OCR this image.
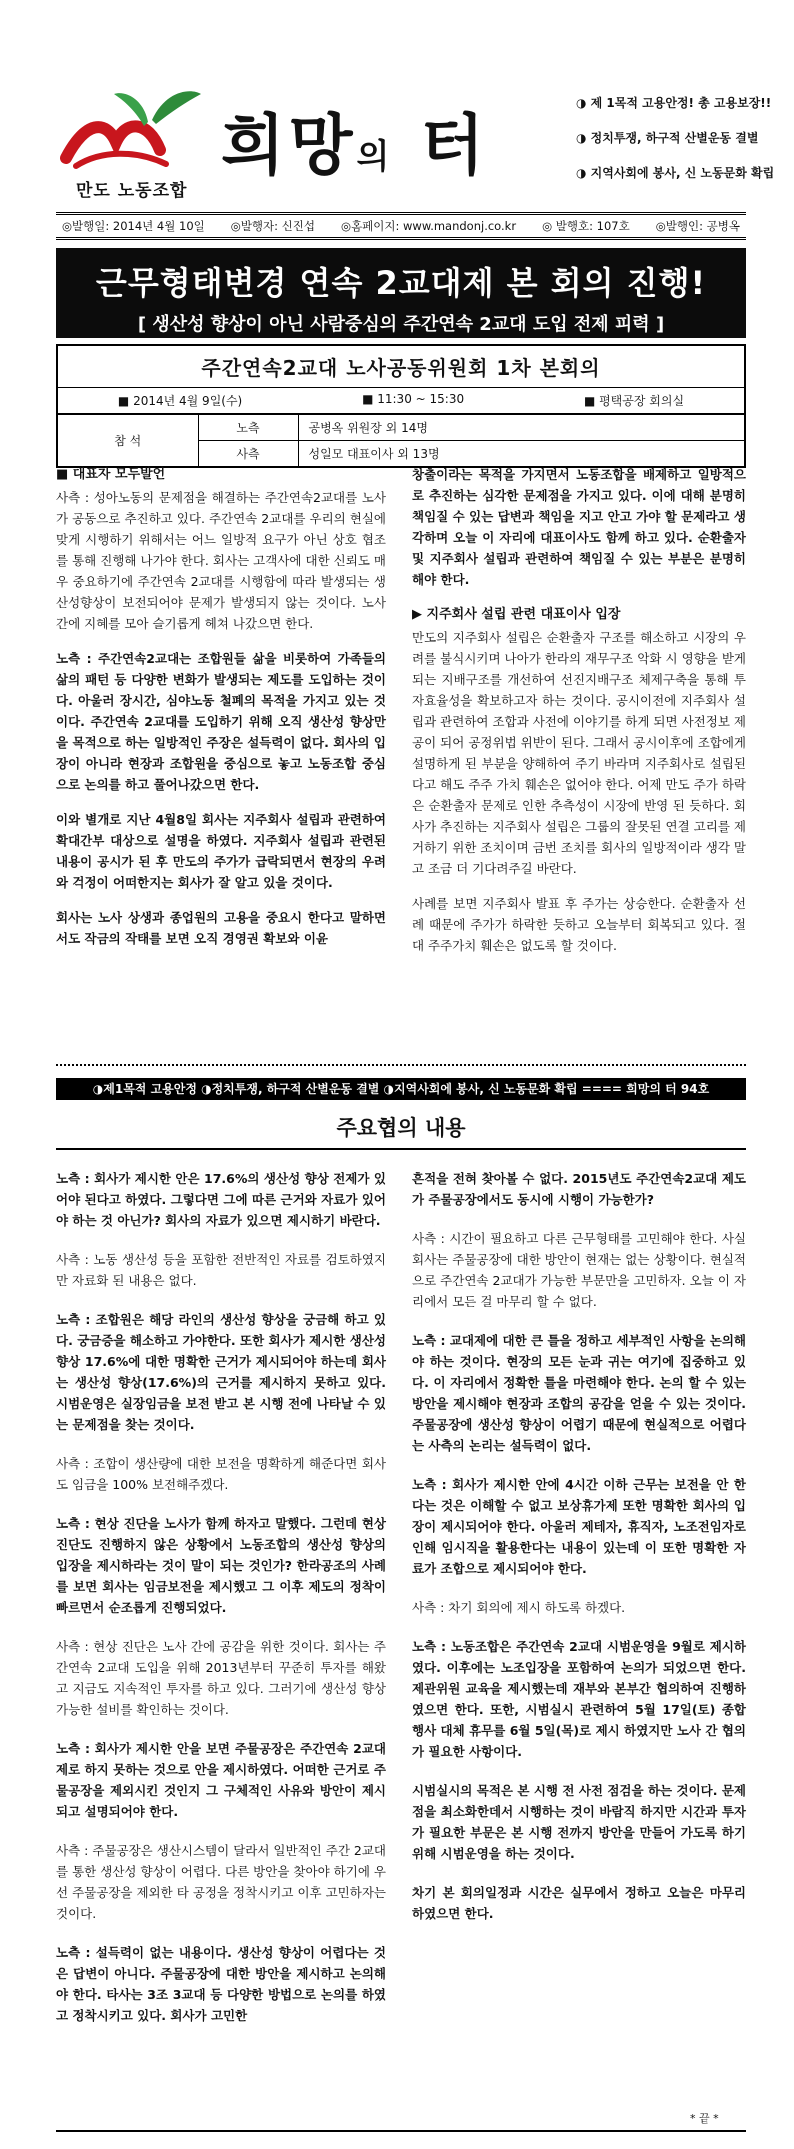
만도 노동조합
희망의 터
◑ 제 1목적 고용안정! 총 고용보장!!
◑ 정치투쟁, 하구적 산별운동 결별
◑ 지역사회에 봉사, 신 노동문화 확립
◎발행일: 2014년 4월 10일 ◎발행자: 신진섭 ◎홈페이지: www.mandonj.co.kr ◎ 발행호: 107호 ◎발행인: 공병옥
근무형태변경 연속 2교대제 본 회의 진행!
[ 생산성 향상이 아닌 사람중심의 주간연속 2교대 도입 전제 피력 ]
주간연속2교대 노사공동위원회 1차 본회의
■ 2014년 4월 9일(수)	■ 11:30 ~ 15:30	■ 평택공장 회의실
참 석	노측	공병옥 위원장 외 14명
	사측	성일모 대표이사 외 13명
■ 대표자 모두발언

사측 : 성아노동의 문제점을 해결하는 주간연속2교대를 노사가 공동으로 추진하고 있다. 주간연속 2교대를 우리의 현실에 맞게 시행하기 위해서는 어느 일방적 요구가 아닌 상호 협조를 통해 진행해 나가야 한다. 회사는 고객사에 대한 신뢰도 매우 중요하기에 주간연속 2교대를 시행함에 따라 발생되는 생산성향상이 보전되어야 문제가 발생되지 않는 것이다. 노사 간에 지혜를 모아 슬기롭게 헤쳐 나갔으면 한다.

노측 : 주간연속2교대는 조합원들 삶을 비롯하여 가족들의 삶의 패턴 등 다양한 변화가 발생되는 제도를 도입하는 것이다. 아울러 장시간, 심야노동 철폐의 목적을 가지고 있는 것이다. 주간연속 2교대를 도입하기 위해 오직 생산성 향상만을 목적으로 하는 일방적인 주장은 설득력이 없다. 회사의 입장이 아니라 현장과 조합원을 중심으로 놓고 노동조합 중심으로 논의를 하고 풀어나갔으면 한다.

이와 별개로 지난 4월8일 회사는 지주회사 설립과 관련하여 확대간부 대상으로 설명을 하였다. 지주회사 설립과 관련된 내용이 공시가 된 후 만도의 주가가 급락되면서 현장의 우려와 걱정이 어떠한지는 회사가 잘 알고 있을 것이다.

회사는 노사 상생과 종업원의 고용을 중요시 한다고 말하면서도 작금의 작태를 보면 오직 경영권 확보와 이윤

창출이라는 목적을 가지면서 노동조합을 배제하고 일방적으로 추진하는 심각한 문제점을 가지고 있다. 이에 대해 분명히 책임질 수 있는 답변과 책임을 지고 안고 가야 할 문제라고 생각하며 오늘 이 자리에 대표이사도 함께 하고 있다. 순환출자 및 지주회사 설립과 관련하여 책임질 수 있는 부분은 분명히 해야 한다.

▶ 지주회사 설립 관련 대표이사 입장

만도의 지주회사 설립은 순환출자 구조를 해소하고 시장의 우려를 불식시키며 나아가 한라의 재무구조 악화 시 영향을 받게 되는 지배구조를 개선하여 선진지배구조 체제구축을 통해 투자효율성을 확보하고자 하는 것이다. 공시이전에 지주회사 설립과 관련하여 조합과 사전에 이야기를 하게 되면 사전정보 제공이 되어 공정위법 위반이 된다. 그래서 공시이후에 조합에게 설명하게 된 부분을 양해하여 주기 바라며 지주회사로 설립된다고 해도 주주 가치 훼손은 없어야 한다. 어제 만도 주가 하락은 순환출자 문제로 인한 추측성이 시장에 반영 된 듯하다. 회사가 추진하는 지주회사 설립은 그룹의 잘못된 연결 고리를 제거하기 위한 조치이며 금번 조치를 회사의 일방적이라 생각 말고 조금 더 기다려주길 바란다.

사례를 보면 지주회사 발표 후 주가는 상승한다. 순환출자 선례 때문에 주가가 하락한 듯하고 오늘부터 회복되고 있다. 절대 주주가치 훼손은 없도록 할 것이다.

◑제1목적 고용안정 ◑정치투쟁, 하구적 산별운동 결별 ◑지역사회에 봉사, 신 노동문화 확립 ==== 희망의 터 94호
주요협의 내용

노측 : 회사가 제시한 안은 17.6%의 생산성 향상 전제가 있어야 된다고 하였다. 그렇다면 그에 따른 근거와 자료가 있어야 하는 것 아닌가? 회사의 자료가 있으면 제시하기 바란다.

사측 : 노동 생산성 등을 포함한 전반적인 자료를 검토하였지만 자료화 된 내용은 없다.

노측 : 조합원은 해당 라인의 생산성 향상을 궁금해 하고 있다. 궁금증을 해소하고 가야한다. 또한 회사가 제시한 생산성 향상 17.6%에 대한 명확한 근거가 제시되어야 하는데 회사는 생산성 향상(17.6%)의 근거를 제시하지 못하고 있다. 시범운영은 실장임금을 보전 받고 본 시행 전에 나타날 수 있는 문제점을 찾는 것이다.

사측 : 조합이 생산량에 대한 보전을 명확하게 해준다면 회사도 임금을 100% 보전해주겠다.

노측 : 현상 진단을 노사가 함께 하자고 말했다. 그런데 현상 진단도 진행하지 않은 상황에서 노동조합의 생산성 향상의 입장을 제시하라는 것이 말이 되는 것인가? 한라공조의 사례를 보면 회사는 임금보전을 제시했고 그 이후 제도의 정착이 빠르면서 순조롭게 진행되었다.

사측 : 현상 진단은 노사 간에 공감을 위한 것이다. 회사는 주간연속 2교대 도입을 위해 2013년부터 꾸준히 투자를 해왔고 지금도 지속적인 투자를 하고 있다. 그러기에 생산성 향상 가능한 설비를 확인하는 것이다.

노측 : 회사가 제시한 안을 보면 주물공장은 주간연속 2교대제로 하지 못하는 것으로 안을 제시하였다. 어떠한 근거로 주물공장을 제외시킨 것인지 그 구체적인 사유와 방안이 제시되고 설명되어야 한다.

사측 : 주물공장은 생산시스템이 달라서 일반적인 주간 2교대를 통한 생산성 향상이 어렵다. 다른 방안을 찾아야 하기에 우선 주물공장을 제외한 타 공정을 정착시키고 이후 고민하자는 것이다.

노측 : 설득력이 없는 내용이다. 생산성 향상이 어렵다는 것은 답변이 아니다. 주물공장에 대한 방안을 제시하고 논의해야 한다. 타사는 3조 3교대 등 다양한 방법으로 논의를 하였고 정착시키고 있다. 회사가 고민한

흔적을 전혀 찾아볼 수 없다. 2015년도 주간연속2교대 제도가 주물공장에서도 동시에 시행이 가능한가?

사측 : 시간이 필요하고 다른 근무형태를 고민해야 한다. 사실 회사는 주물공장에 대한 방안이 현재는 없는 상황이다. 현실적으로 주간연속 2교대가 가능한 부문만을 고민하자. 오늘 이 자리에서 모든 걸 마무리 할 수 없다.

노측 : 교대제에 대한 큰 틀을 정하고 세부적인 사항을 논의해야 하는 것이다. 현장의 모든 눈과 귀는 여기에 집중하고 있다. 이 자리에서 정확한 틀을 마련해야 한다. 논의 할 수 있는 방안을 제시해야 현장과 조합의 공감을 얻을 수 있는 것이다. 주물공장에 생산성 향상이 어렵기 때문에 현실적으로 어렵다는 사측의 논리는 설득력이 없다.

노측 : 회사가 제시한 안에 4시간 이하 근무는 보전을 안 한다는 것은 이해할 수 없고 보상휴가제 또한 명확한 회사의 입장이 제시되어야 한다. 아울러 제테자, 휴직자, 노조전임자로 인해 임시직을 활용한다는 내용이 있는데 이 또한 명확한 자료가 조합으로 제시되어야 한다.

사측 : 차기 회의에 제시 하도록 하겠다.

노측 : 노동조합은 주간연속 2교대 시범운영을 9월로 제시하였다. 이후에는 노조입장을 포함하여 논의가 되었으면 한다. 제관위원 교육을 제시했는데 재부와 본부간 협의하여 진행하였으면 한다. 또한, 시범실시 관련하여 5월 17일(토) 종합 행사 대체 휴무를 6월 5일(목)로 제시 하였지만 노사 간 협의가 필요한 사항이다.

시범실시의 목적은 본 시행 전 사전 점검을 하는 것이다. 문제점을 최소화한데서 시행하는 것이 바람직 하지만 시간과 투자가 필요한 부문은 본 시행 전까지 방안을 만들어 가도록 하기위해 시범운영을 하는 것이다.

차기 본 회의일정과 시간은 실무에서 정하고 오늘은 마무리 하였으면 한다.

* 끝 *
